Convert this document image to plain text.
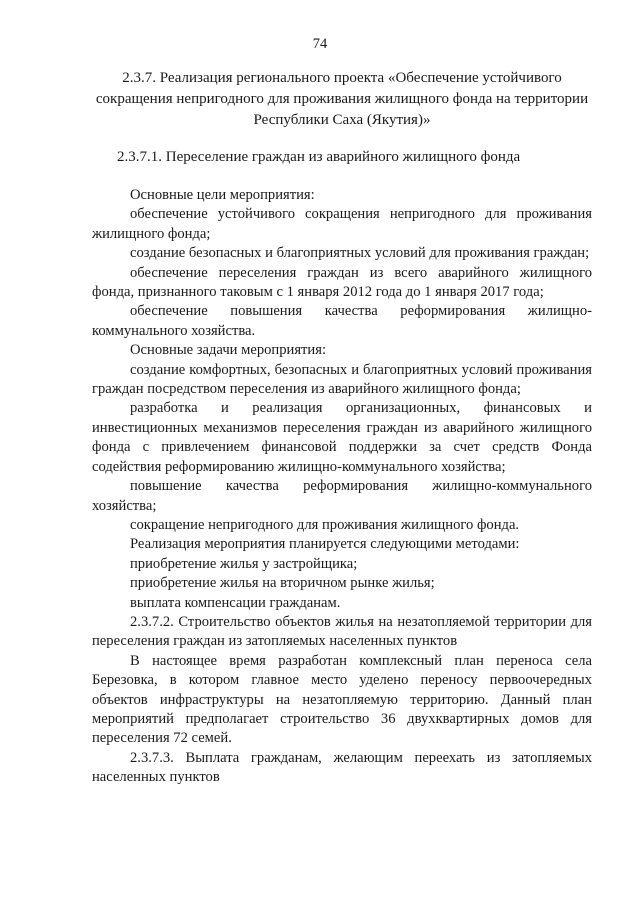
74
2.3.7. Реализация регионального проекта «Обеспечение устойчивого сокращения непригодного для проживания жилищного фонда на территории Республики Саха (Якутия)»
2.3.7.1. Переселение граждан из аварийного жилищного фонда

Основные цели мероприятия:

обеспечение устойчивого сокращения непригодного для проживания жилищного фонда;

создание безопасных и благоприятных условий для проживания граждан;

обеспечение переселения граждан из всего аварийного жилищного фонда, признанного таковым с 1 января 2012 года до 1 января 2017 года;

обеспечение повышения качества реформирования жилищно-коммунального хозяйства.

Основные задачи мероприятия:

создание комфортных, безопасных и благоприятных условий проживания граждан посредством переселения из аварийного жилищного фонда;

разработка и реализация организационных, финансовых и инвестиционных механизмов переселения граждан из аварийного жилищного фонда с привлечением финансовой поддержки за счет средств Фонда содействия реформированию жилищно-коммунального хозяйства;

повышение качества реформирования жилищно-коммунального хозяйства;

сокращение непригодного для проживания жилищного фонда.

Реализация мероприятия планируется следующими методами:

приобретение жилья у застройщика;

приобретение жилья на вторичном рынке жилья;

выплата компенсации гражданам.

2.3.7.2. Строительство объектов жилья на незатопляемой территории для переселения граждан из затопляемых населенных пунктов

В настоящее время разработан комплексный план переноса села Березовка, в котором главное место уделено переносу первоочередных объектов инфраструктуры на незатопляемую территорию. Данный план мероприятий предполагает строительство 36 двухквартирных домов для переселения 72 семей.

2.3.7.3. Выплата гражданам, желающим переехать из затопляемых населенных пунктов
